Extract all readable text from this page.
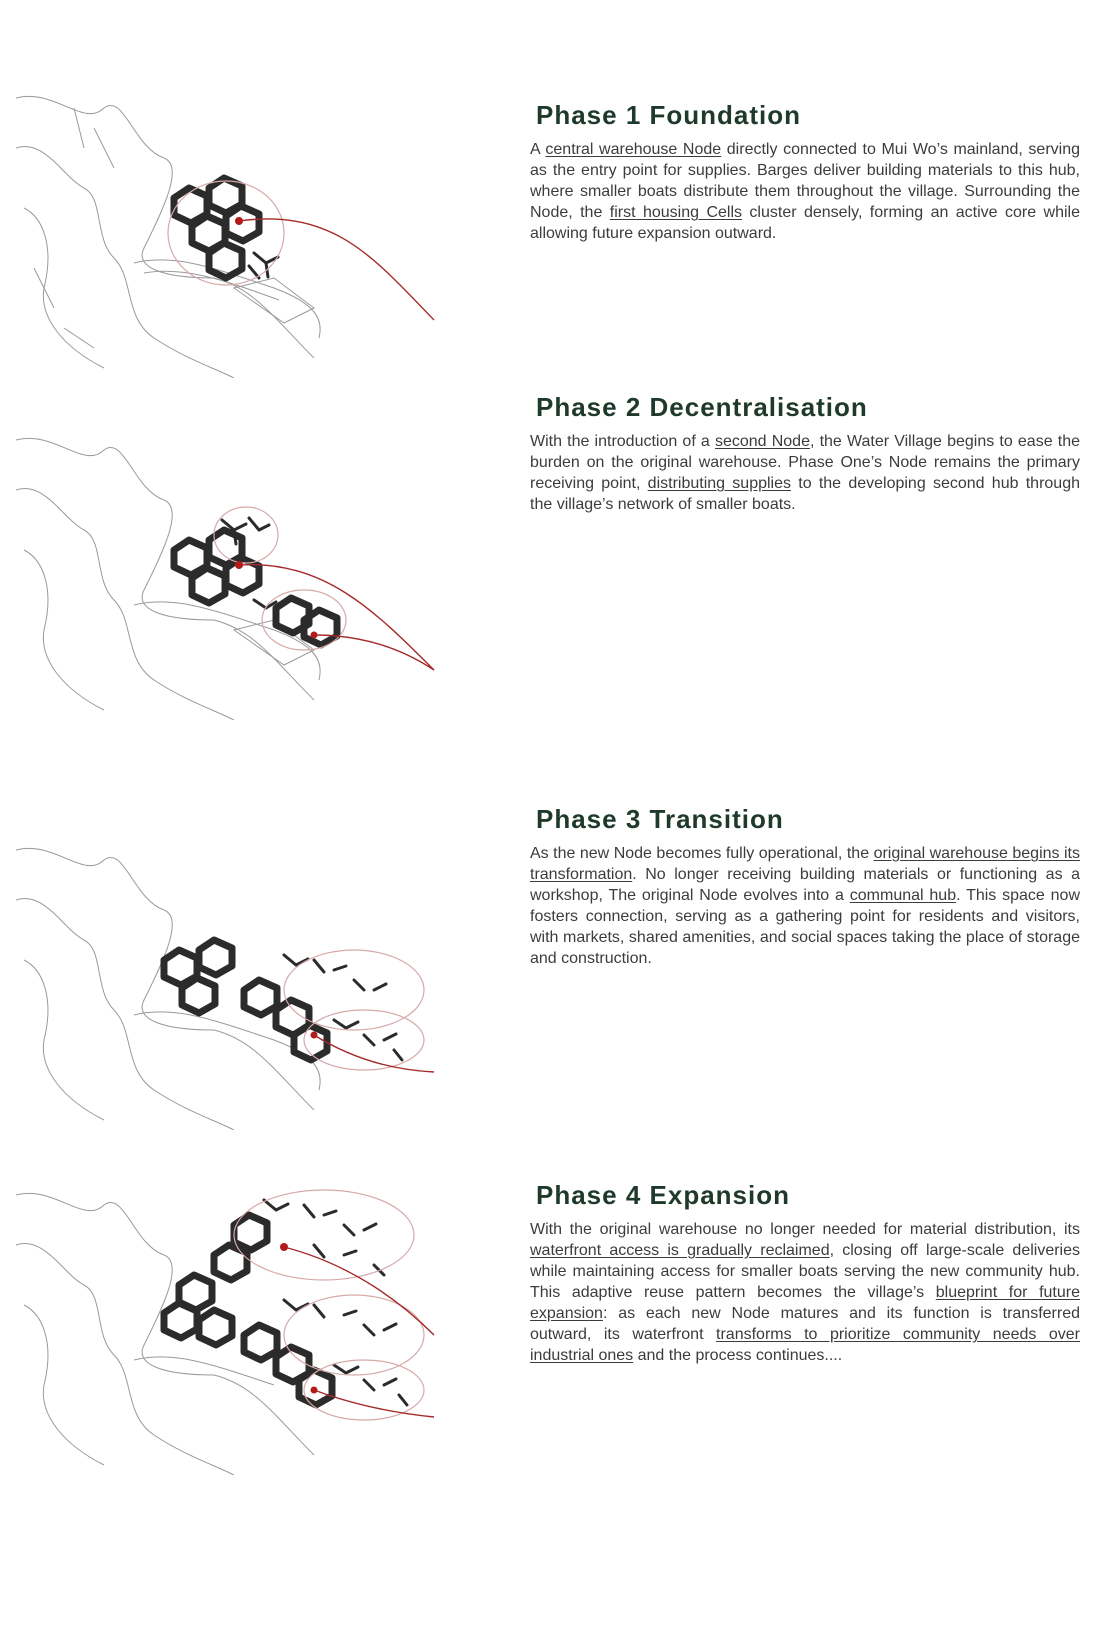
Phase 1 Foundation

A central warehouse Node directly connected to Mui Wo’s mainland, serving as the entry point for supplies. Barges deliver building materials to this hub, where smaller boats distribute them throughout the village. Surrounding the Node, the first housing Cells cluster densely, forming an active core while allowing future expansion outward.

Phase 2 Decentralisation

With the introduction of a second Node, the Water Village begins to ease the burden on the original warehouse. Phase One’s Node remains the primary receiving point, distributing supplies to the developing second hub through the village’s network of smaller boats.

Phase 3 Transition

As the new Node becomes fully operational, the original warehouse begins its transformation. No longer receiving building materials or functioning as a workshop, The original Node evolves into a communal hub. This space now fosters connection, serving as a gathering point for residents and visitors, with markets, shared amenities, and social spaces taking the place of storage and construction.

Phase 4 Expansion

With the original warehouse no longer needed for material distribution, its waterfront access is gradually reclaimed, closing off large-scale deliveries while maintaining access for smaller boats serving the new community hub. This adaptive reuse pattern becomes the village’s blueprint for future expansion: as each new Node matures and its function is transferred outward, its waterfront transforms to prioritize community needs over industrial ones and the process continues....
